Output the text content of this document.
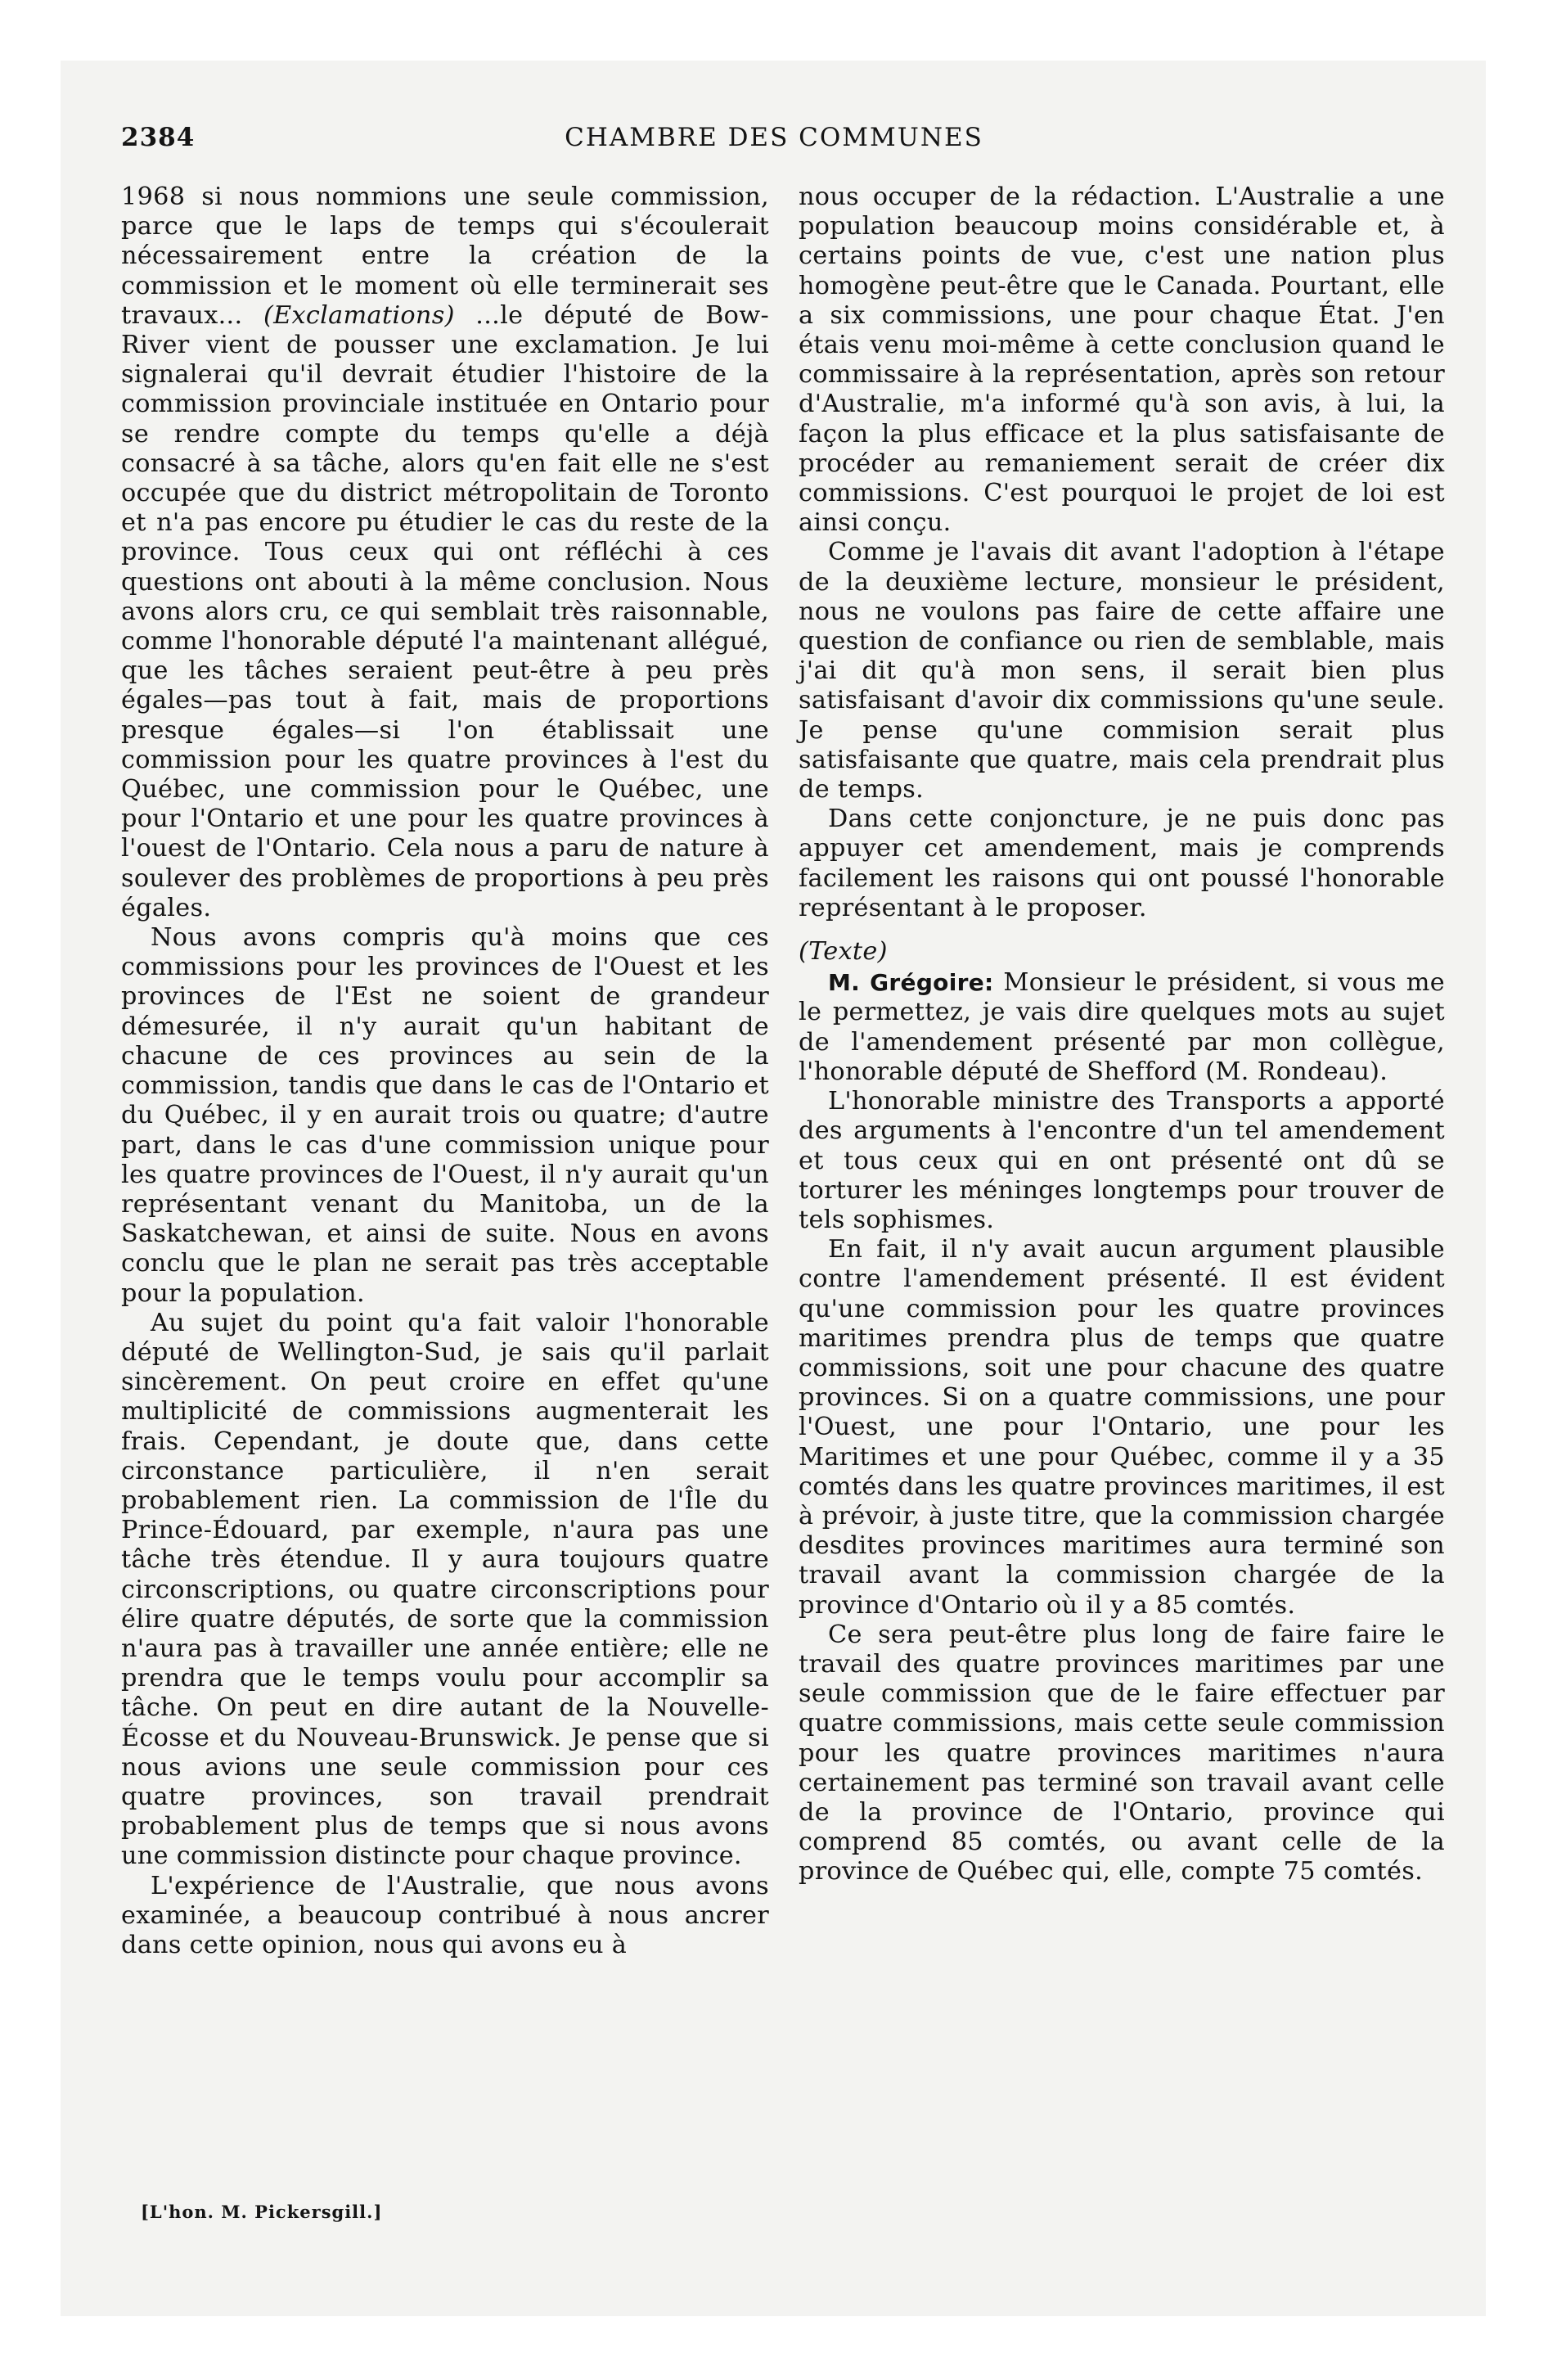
2384	CHAMBRE DES COMMUNES

1968 si nous nommions une seule commission, parce que le laps de temps qui s'écoulerait nécessairement entre la création de la commission et le moment où elle terminerait ses travaux... (Exclamations) ...le député de Bow-River vient de pousser une exclamation. Je lui signalerai qu'il devrait étudier l'histoire de la commission provinciale instituée en Ontario pour se rendre compte du temps qu'elle a déjà consacré à sa tâche, alors qu'en fait elle ne s'est occupée que du district métropolitain de Toronto et n'a pas encore pu étudier le cas du reste de la province. Tous ceux qui ont réfléchi à ces questions ont abouti à la même conclusion. Nous avons alors cru, ce qui semblait très raisonnable, comme l'honorable député l'a maintenant allégué, que les tâches seraient peut-être à peu près égales—pas tout à fait, mais de proportions presque égales—si l'on établissait une commission pour les quatre provinces à l'est du Québec, une commission pour le Québec, une pour l'Ontario et une pour les quatre provinces à l'ouest de l'Ontario. Cela nous a paru de nature à soulever des problèmes de proportions à peu près égales.

Nous avons compris qu'à moins que ces commissions pour les provinces de l'Ouest et les provinces de l'Est ne soient de grandeur démesurée, il n'y aurait qu'un habitant de chacune de ces provinces au sein de la commission, tandis que dans le cas de l'Ontario et du Québec, il y en aurait trois ou quatre; d'autre part, dans le cas d'une commission unique pour les quatre provinces de l'Ouest, il n'y aurait qu'un représentant venant du Manitoba, un de la Saskatchewan, et ainsi de suite. Nous en avons conclu que le plan ne serait pas très acceptable pour la population.

Au sujet du point qu'a fait valoir l'honorable député de Wellington-Sud, je sais qu'il parlait sincèrement. On peut croire en effet qu'une multiplicité de commissions augmenterait les frais. Cependant, je doute que, dans cette circonstance particulière, il n'en serait probablement rien. La commission de l'Île du Prince-Édouard, par exemple, n'aura pas une tâche très étendue. Il y aura toujours quatre circonscriptions, ou quatre circonscriptions pour élire quatre députés, de sorte que la commission n'aura pas à travailler une année entière; elle ne prendra que le temps voulu pour accomplir sa tâche. On peut en dire autant de la Nouvelle-Écosse et du Nouveau-Brunswick. Je pense que si nous avions une seule commission pour ces quatre provinces, son travail prendrait probablement plus de temps que si nous avons une commission distincte pour chaque province.

L'expérience de l'Australie, que nous avons examinée, a beaucoup contribué à nous ancrer dans cette opinion, nous qui avons eu à

[L'hon. M. Pickersgill.]

nous occuper de la rédaction. L'Australie a une population beaucoup moins considérable et, à certains points de vue, c'est une nation plus homogène peut-être que le Canada. Pourtant, elle a six commissions, une pour chaque État. J'en étais venu moi-même à cette conclusion quand le commissaire à la représentation, après son retour d'Australie, m'a informé qu'à son avis, à lui, la façon la plus efficace et la plus satisfaisante de procéder au remaniement serait de créer dix commissions. C'est pourquoi le projet de loi est ainsi conçu.

Comme je l'avais dit avant l'adoption à l'étape de la deuxième lecture, monsieur le président, nous ne voulons pas faire de cette affaire une question de confiance ou rien de semblable, mais j'ai dit qu'à mon sens, il serait bien plus satisfaisant d'avoir dix commissions qu'une seule. Je pense qu'une commision serait plus satisfaisante que quatre, mais cela prendrait plus de temps.

Dans cette conjoncture, je ne puis donc pas appuyer cet amendement, mais je comprends facilement les raisons qui ont poussé l'honorable représentant à le proposer.

(Texte)

M. Grégoire: Monsieur le président, si vous me le permettez, je vais dire quelques mots au sujet de l'amendement présenté par mon collègue, l'honorable député de Shefford (M. Rondeau).

L'honorable ministre des Transports a apporté des arguments à l'encontre d'un tel amendement et tous ceux qui en ont présenté ont dû se torturer les méninges longtemps pour trouver de tels sophismes.

En fait, il n'y avait aucun argument plausible contre l'amendement présenté. Il est évident qu'une commission pour les quatre provinces maritimes prendra plus de temps que quatre commissions, soit une pour chacune des quatre provinces. Si on a quatre commissions, une pour l'Ouest, une pour l'Ontario, une pour les Maritimes et une pour Québec, comme il y a 35 comtés dans les quatre provinces maritimes, il est à prévoir, à juste titre, que la commission chargée desdites provinces maritimes aura terminé son travail avant la commission chargée de la province d'Ontario où il y a 85 comtés.

Ce sera peut-être plus long de faire faire le travail des quatre provinces maritimes par une seule commission que de le faire effectuer par quatre commissions, mais cette seule commission pour les quatre provinces maritimes n'aura certainement pas terminé son travail avant celle de la province de l'Ontario, province qui comprend 85 comtés, ou avant celle de la province de Québec qui, elle, compte 75 comtés.
